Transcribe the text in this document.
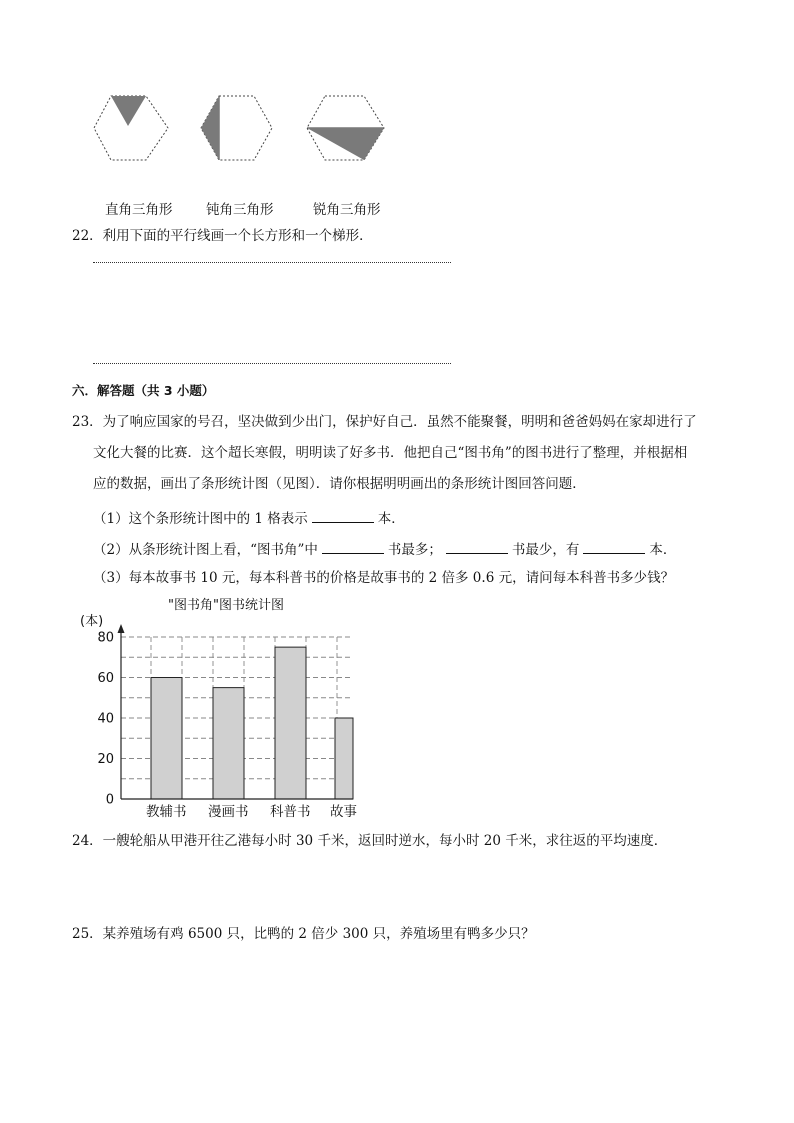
直角三角形 钝角三角形	锐角三角形
22．利用下面的平行线画一个长方形和一个梯形．
六．解答题（共 3 小题）
23．为了响应国家的号召，坚决做到少出门，保护好自己．虽然不能聚餐，明明和爸爸妈妈在家却进行了
文化大餐的比赛．这个超长寒假，明明读了好多书．他把自己“图书角”的图书进行了整理，并根据相
应的数据，画出了条形统计图（见图）．请你根据明明画出的条形统计图回答问题．
（1）这个条形统计图中的 1 格表示	本．
（2）从条形统计图上看，“图书角”中	书最多；	书最少，有	本．
（3）每本故事书 10 元，每本科普书的价格是故事书的 2 倍多 0.6 元，请问每本科普书多少钱？
"图书角"图书统计图
(本)
0
20
40
60
80
教辅书 漫画书 科普书 故事
24．一艘轮船从甲港开往乙港每小时 30 千米，返回时逆水，每小时 20 千米，求往返的平均速度．
25．某养殖场有鸡 6500 只，比鸭的 2 倍少 300 只，养殖场里有鸭多少只？
